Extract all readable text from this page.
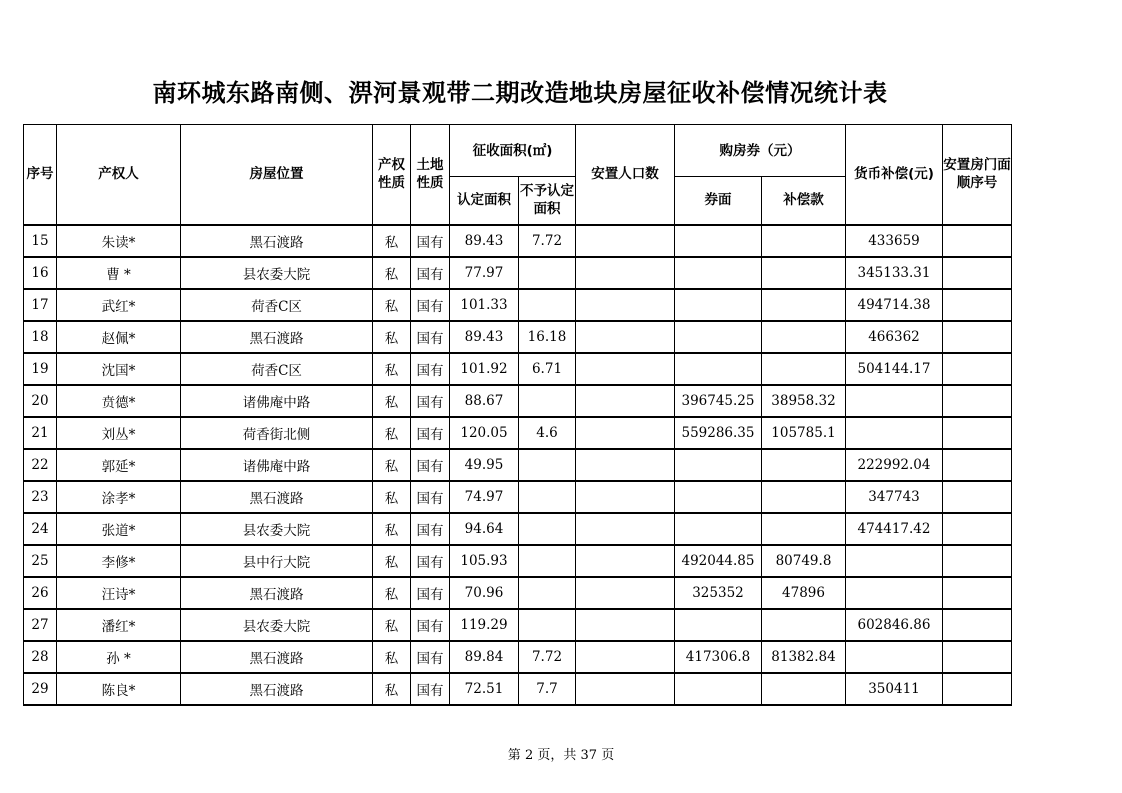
南环城东路南侧、淠河景观带二期改造地块房屋征收补偿情况统计表
序号	产权人	房屋位置	产权性质	土地性质	征收面积(㎡)		安置人口数	购房券（元）		货币补偿(元)	安置房门面顺序号
					认定面积	不予认定面积		券面	补偿款		
15	朱读*	黑石渡路	私	国有	89.43	7.72				433659	
16	曹 *	县农委大院	私	国有	77.97					345133.31	
17	武红*	荷香C区	私	国有	101.33					494714.38	
18	赵佩*	黑石渡路	私	国有	89.43	16.18				466362	
19	沈国*	荷香C区	私	国有	101.92	6.71				504144.17	
20	贲德*	诸佛庵中路	私	国有	88.67			396745.25	38958.32		
21	刘丛*	荷香街北侧	私	国有	120.05	4.6		559286.35	105785.1		
22	郭延*	诸佛庵中路	私	国有	49.95					222992.04	
23	涂孝*	黑石渡路	私	国有	74.97					347743	
24	张道*	县农委大院	私	国有	94.64					474417.42	
25	李修*	县中行大院	私	国有	105.93			492044.85	80749.8		
26	汪诗*	黑石渡路	私	国有	70.96			325352	47896		
27	潘红*	县农委大院	私	国有	119.29					602846.86	
28	孙 *	黑石渡路	私	国有	89.84	7.72		417306.8	81382.84		
29	陈良*	黑石渡路	私	国有	72.51	7.7				350411	
第 2 页，共 37 页
